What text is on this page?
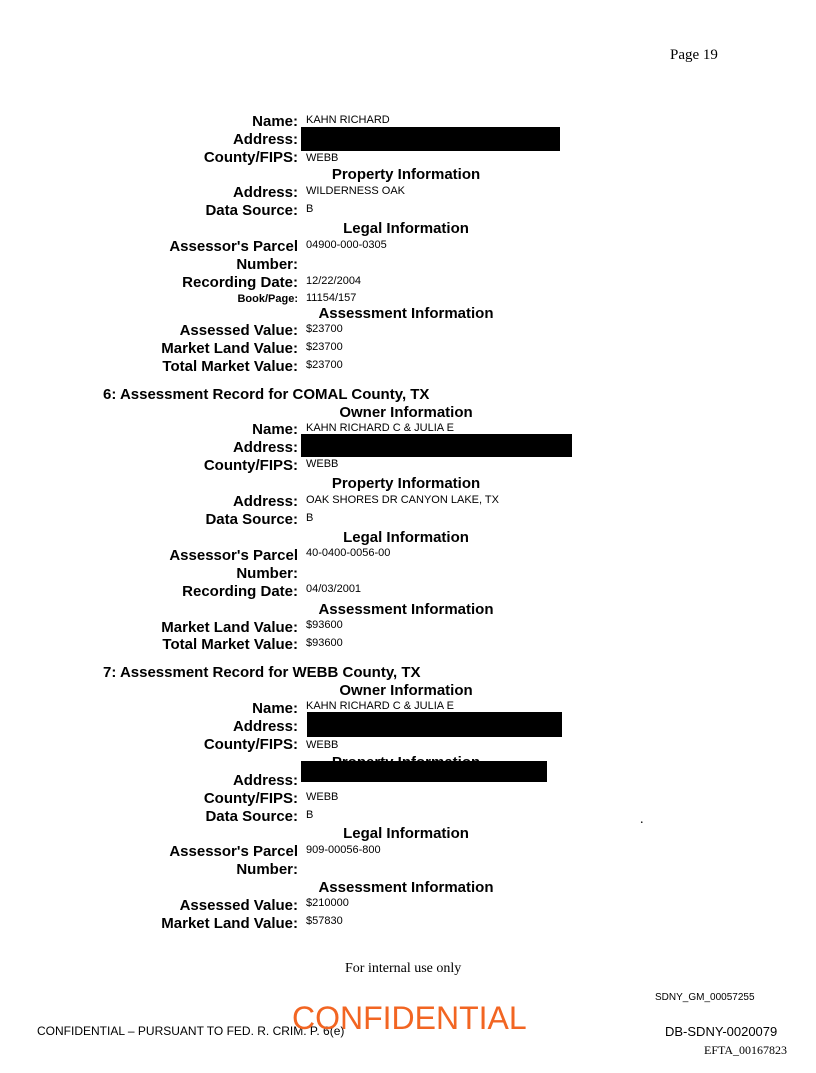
Page 19
Name: KAHN RICHARD
Address:
County/FIPS: WEBB
Property Information
Address: WILDERNESS OAK
Data Source: B
Legal Information
Assessor's Parcel 04900-000-0305
Number:
Recording Date: 12/22/2004
Book/Page: 11154/157
Assessment Information
Assessed Value: $23700
Market Land Value: $23700
Total Market Value: $23700
6: Assessment Record for COMAL County, TX
Owner Information
Name: KAHN RICHARD C & JULIA E
Address:
County/FIPS: WEBB
Property Information
Address: OAK SHORES DR CANYON LAKE, TX
Data Source: B
Legal Information
Assessor's Parcel 40-0400-0056-00
Number:
Recording Date: 04/03/2001
Assessment Information
Market Land Value: $93600
Total Market Value: $93600
7: Assessment Record for WEBB County, TX
Owner Information
Name: KAHN RICHARD C & JULIA E
Address:
County/FIPS: WEBB
Address:
County/FIPS: WEBB
Data Source: B	.
Legal Information
Assessor's Parcel 909-00056-800
Number:
Assessment Information
Assessed Value: $210000
Market Land Value: $57830
For internal use only
SDNY_GM_00057255
CONFIDENTIAL – PURSUANT TO FED. R. CRIM. P. 6(e)
CONFIDENTIAL	DB-SDNY-0020079
EFTA_00167823
